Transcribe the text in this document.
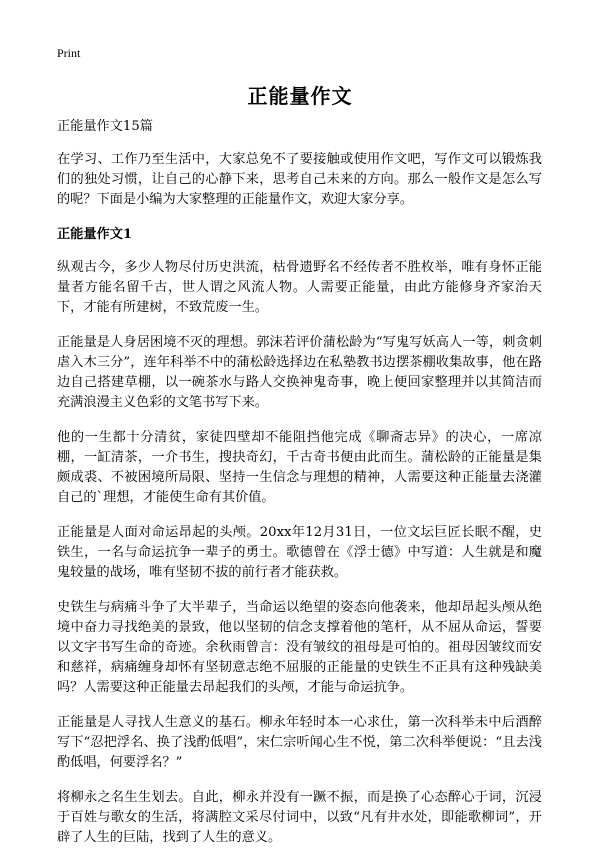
Print
正能量作文

正能量作文15篇

在学习、工作乃至生活中，大家总免不了要接触或使用作文吧，写作文可以锻炼我们的独处习惯，让自己的心静下来，思考自己未来的方向。那么一般作文是怎么写的呢？下面是小编为大家整理的正能量作文，欢迎大家分享。

正能量作文1

纵观古今，多少人物尽付历史洪流，枯骨遗野名不经传者不胜枚举，唯有身怀正能量者方能名留千古，世人谓之风流人物。人需要正能量，由此方能修身齐家治天下，才能有所建树，不致荒废一生。

正能量是人身居困境不灭的理想。郭沫若评价蒲松龄为“写鬼写妖高人一等，刺贪刺虐入木三分”，连年科举不中的蒲松龄选择边在私塾教书边摆茶棚收集故事，他在路边自己搭建草棚，以一碗茶水与路人交换神鬼奇事，晚上便回家整理并以其简洁而充满浪漫主义色彩的文笔书写下来。

他的一生都十分清贫，家徒四壁却不能阻挡他完成《聊斋志异》的决心，一席凉棚，一缸清茶，一介书生，搜抉奇幻，千古奇书便由此而生。蒲松龄的正能量是集颇成裘、不被困境所局限、坚持一生信念与理想的精神，人需要这种正能量去浇灌自己的`理想，才能使生命有其价值。

正能量是人面对命运昂起的头颅。20xx年12月31日，一位文坛巨匠长眠不醒，史铁生，一名与命运抗争一辈子的勇士。歌德曾在《浮士德》中写道：人生就是和魔鬼较量的战场，唯有坚韧不拔的前行者才能获救。

史铁生与病痛斗争了大半辈子，当命运以绝望的姿态向他袭来，他却昂起头颅从绝境中奋力寻找绝美的景致，他以坚韧的信念支撑着他的笔杆，从不屈从命运，誓要以文字书写生命的奇迹。余秋雨曾言：没有皱纹的祖母是可怕的。祖母因皱纹而安和慈祥，病痛缠身却怀有坚韧意志绝不屈服的正能量的史铁生不正具有这种残缺美吗？人需要这种正能量去昂起我们的头颅，才能与命运抗争。

正能量是人寻找人生意义的基石。柳永年轻时本一心求仕，第一次科举未中后酒醉写下“忍把浮名、换了浅酌低唱”，宋仁宗听闻心生不悦，第二次科举便说：“且去浅酌低唱，何要浮名？”

将柳永之名生生划去。自此，柳永并没有一蹶不振，而是换了心态醉心于词，沉浸于百姓与歌女的生活，将满腔文采尽付词中，以致“凡有井水处，即能歌柳词”，开辟了人生的巨陆，找到了人生的意义。
